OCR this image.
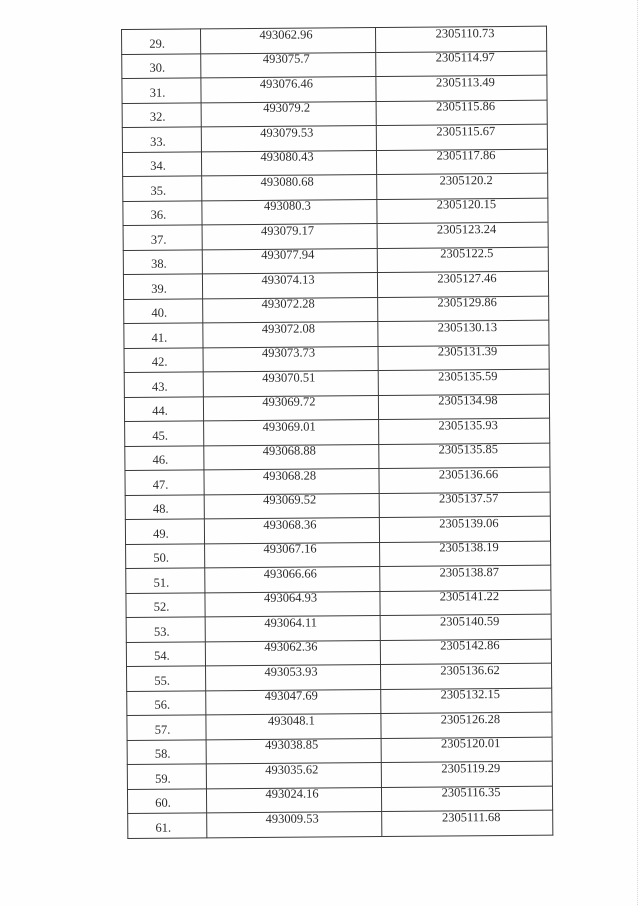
29.	493062.96	2305110.73
30.	493075.7	2305114.97
31.	493076.46	2305113.49
32.	493079.2	2305115.86
33.	493079.53	2305115.67
34.	493080.43	2305117.86
35.	493080.68	2305120.2
36.	493080.3	2305120.15
37.	493079.17	2305123.24
38.	493077.94	2305122.5
39.	493074.13	2305127.46
40.	493072.28	2305129.86
41.	493072.08	2305130.13
42.	493073.73	2305131.39
43.	493070.51	2305135.59
44.	493069.72	2305134.98
45.	493069.01	2305135.93
46.	493068.88	2305135.85
47.	493068.28	2305136.66
48.	493069.52	2305137.57
49.	493068.36	2305139.06
50.	493067.16	2305138.19
51.	493066.66	2305138.87
52.	493064.93	2305141.22
53.	493064.11	2305140.59
54.	493062.36	2305142.86
55.	493053.93	2305136.62
56.	493047.69	2305132.15
57.	493048.1	2305126.28
58.	493038.85	2305120.01
59.	493035.62	2305119.29
60.	493024.16	2305116.35
61.	493009.53	2305111.68
